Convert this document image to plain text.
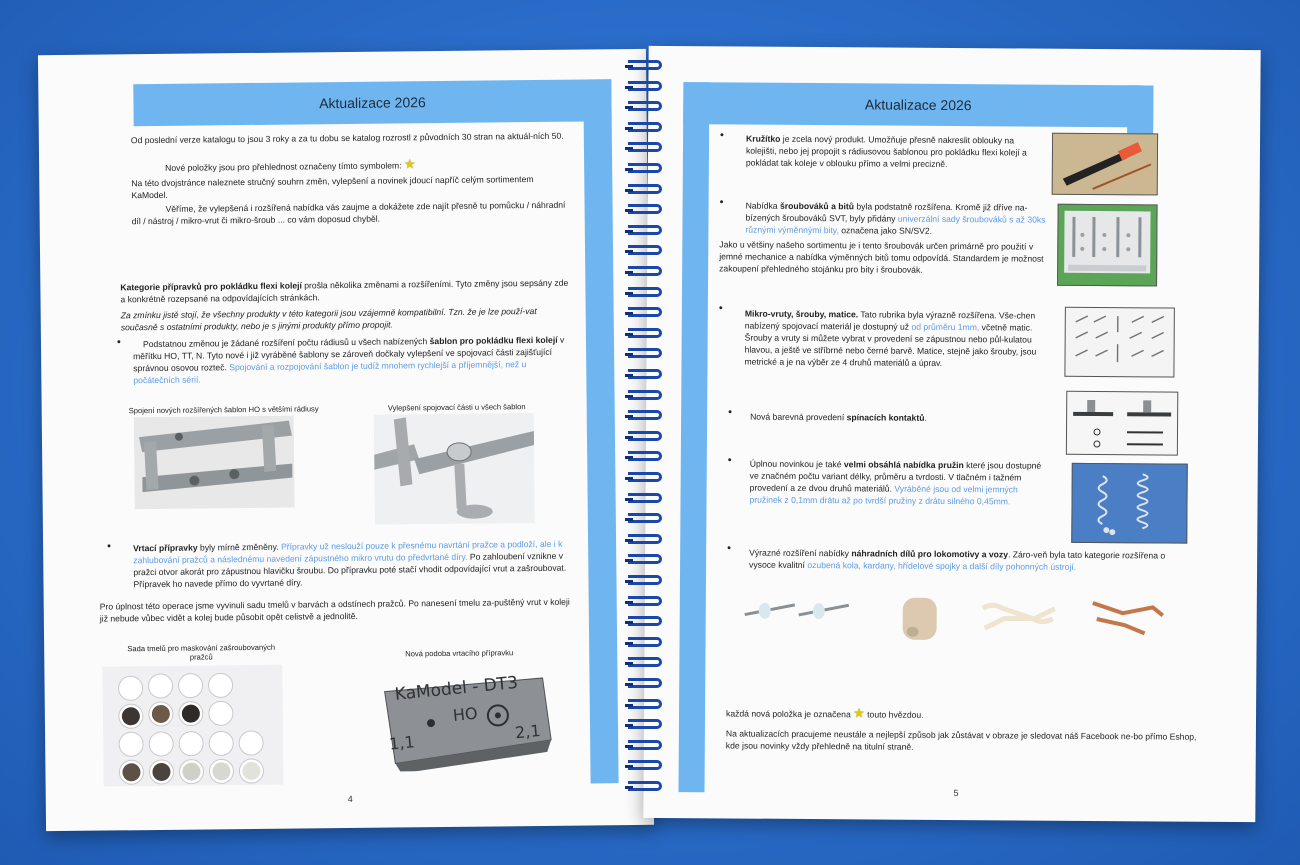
Aktualizace 2026
Od poslední verze katalogu to jsou 3 roky a za tu dobu se katalog rozrostl z původních 30 stran na aktuál-ních 50.
Nové položky jsou pro přehlednost označeny tímto symbolem: ★
Na této dvojstránce naleznete stručný souhrn změn, vylepšení a novinek jdoucí napříč celým sortimentem KaModel.
Věříme, že vylepšená i rozšířená nabídka vás zaujme a dokážete zde najít přesně tu pomůcku / náhradní díl / nástroj / mikro-vrut či mikro-šroub ... co vám doposud chyběl.
Kategorie přípravků pro pokládku flexi kolejí prošla několika změnami a rozšířeními. Tyto změny jsou sepsány zde a konkrétně rozepsané na odpovídajících stránkách.
Za zmínku jistě stojí, že všechny produkty v této kategorii jsou vzájemně kompatibilní. Tzn. že je lze použí-vat současně s ostatními produkty, nebo je s jinými produkty přímo propojit.
•	Podstatnou změnou je žádané rozšíření počtu rádiusů u všech nabízených šablon pro pokládku flexi kolejí v měřítku HO, TT, N. Tyto nové i již vyráběné šablony se zároveň dočkaly vylepšení ve spojovací části zajišťující správnou osovou rozteč. Spojování a rozpojování šablon je tudíž mnohem rychlejší a příjemnější, než u počátečních sérií.
Spojení nových rozšířených šablon HO s většími rádiusy	Vylepšení spojovací části u všech šablon
•	Vrtací přípravky byly mírně změněny. Přípravky už neslouží pouze k přesnému navrtání pražce a podloží, ale i k zahlubování pražců a následnému navedení zápustného mikro vrutu do předvrtané díry. Po zahloubení vznikne v pražci otvor akorát pro zápustnou hlavičku šroubu. Do přípravku poté stačí vhodit odpovídající vrut a zašroubovat. Přípravek ho navede přímo do vyvrtané díry.
Pro úplnost této operace jsme vyvinuli sadu tmelů v barvách a odstínech pražců. Po nanesení tmelu za-puštěný vrut v koleji již nebude vůbec vidět a kolej bude působit opět celistvě a jednolitě.
Sada tmelů pro maskování zašroubovaných pražců	Nová podoba vrtacího přípravku
KaModel - DT3
HO
1,1
2,1
4
Aktualizace 2026
•	Kružítko je zcela nový produkt. Umožňuje přesně nakreslit oblouky na kolejišti, nebo jej propojit s rádiusovou šablonou pro pokládku flexi kolejí a pokládat tak koleje v oblouku přímo a velmi precizně.
•	Nabídka šroubováků a bitů byla podstatně rozšířena. Kromě již dříve na-bízených šroubováků SVT, byly přidány univerzální sady šroubováků s až 30ks různými výměnnými bity, označena jako SN/SV2.
Jako u většiny našeho sortimentu je i tento šroubovák určen primárně pro použití v jemné mechanice a nabídka výměnných bitů tomu odpovídá. Standardem je možnost zakoupení přehledného stojánku pro bity i šroubovák.
•	Mikro-vruty, šrouby, matice. Tato rubrika byla výrazně rozšířena. Vše-chen nabízený spojovací materiál je dostupný už od průměru 1mm, včetně matic. Šrouby a vruty si můžete vybrat v provedení se zápustnou nebo půl-kulatou hlavou, a ještě ve stříbrné nebo černé barvě. Matice, stejně jako šrouby, jsou metrické a je na výběr ze 4 druhů materiálů a úprav.
• Nová barevná provedení spínacích kontaktů.
• Úplnou novinkou je také velmi obsáhlá nabídka pružin které jsou dostupné ve značném počtu variant délky, průměru a tvrdosti. V tlačném i tažném provedení a ze dvou druhů materiálů. Vyráběné jsou od velmi jemných pružinek z 0,1mm drátu až po tvrdší pružiny z drátu silného 0,45mm.
• Výrazné rozšíření nabídky náhradních dílů pro lokomotivy a vozy. Záro-veň byla tato kategorie rozšířena o vysoce kvalitní ozubená kola, kardany, hřídelové spojky a další díly pohonných ústrojí.
každá nová položka je označena ★ touto hvězdou.
Na aktualizacích pracujeme neustále a nejlepší způsob jak zůstávat v obraze je sledovat náš Facebook ne-bo přímo Eshop, kde jsou novinky vždy přehledně na titulní straně.
5
